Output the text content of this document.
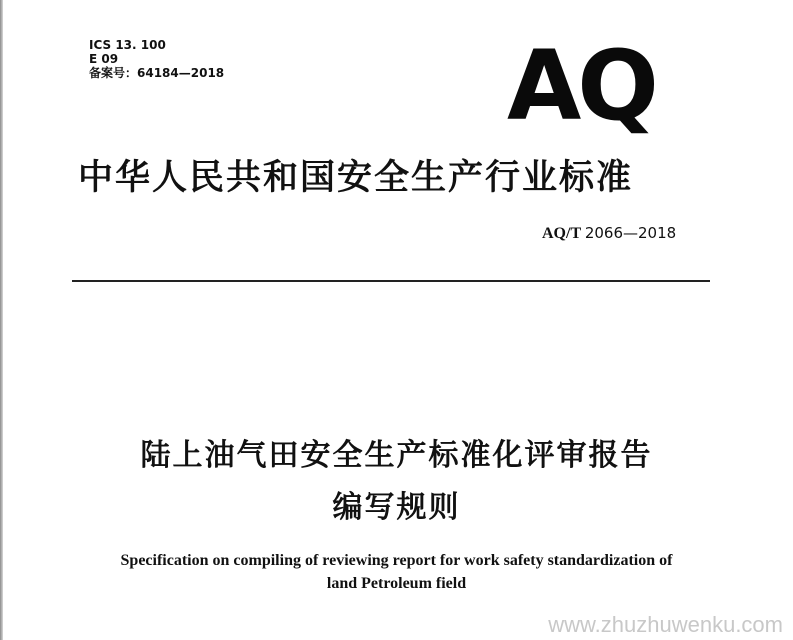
ICS 13. 100
E 09
备案号：64184—2018	AQ
中华人民共和国安全生产行业标准
AQ/T 2066—2018
陆上油气田安全生产标准化评审报告
编写规则
Specification on compiling of reviewing report for work safety standardization of
land Petroleum field
www.zhuzhuwenku.com
